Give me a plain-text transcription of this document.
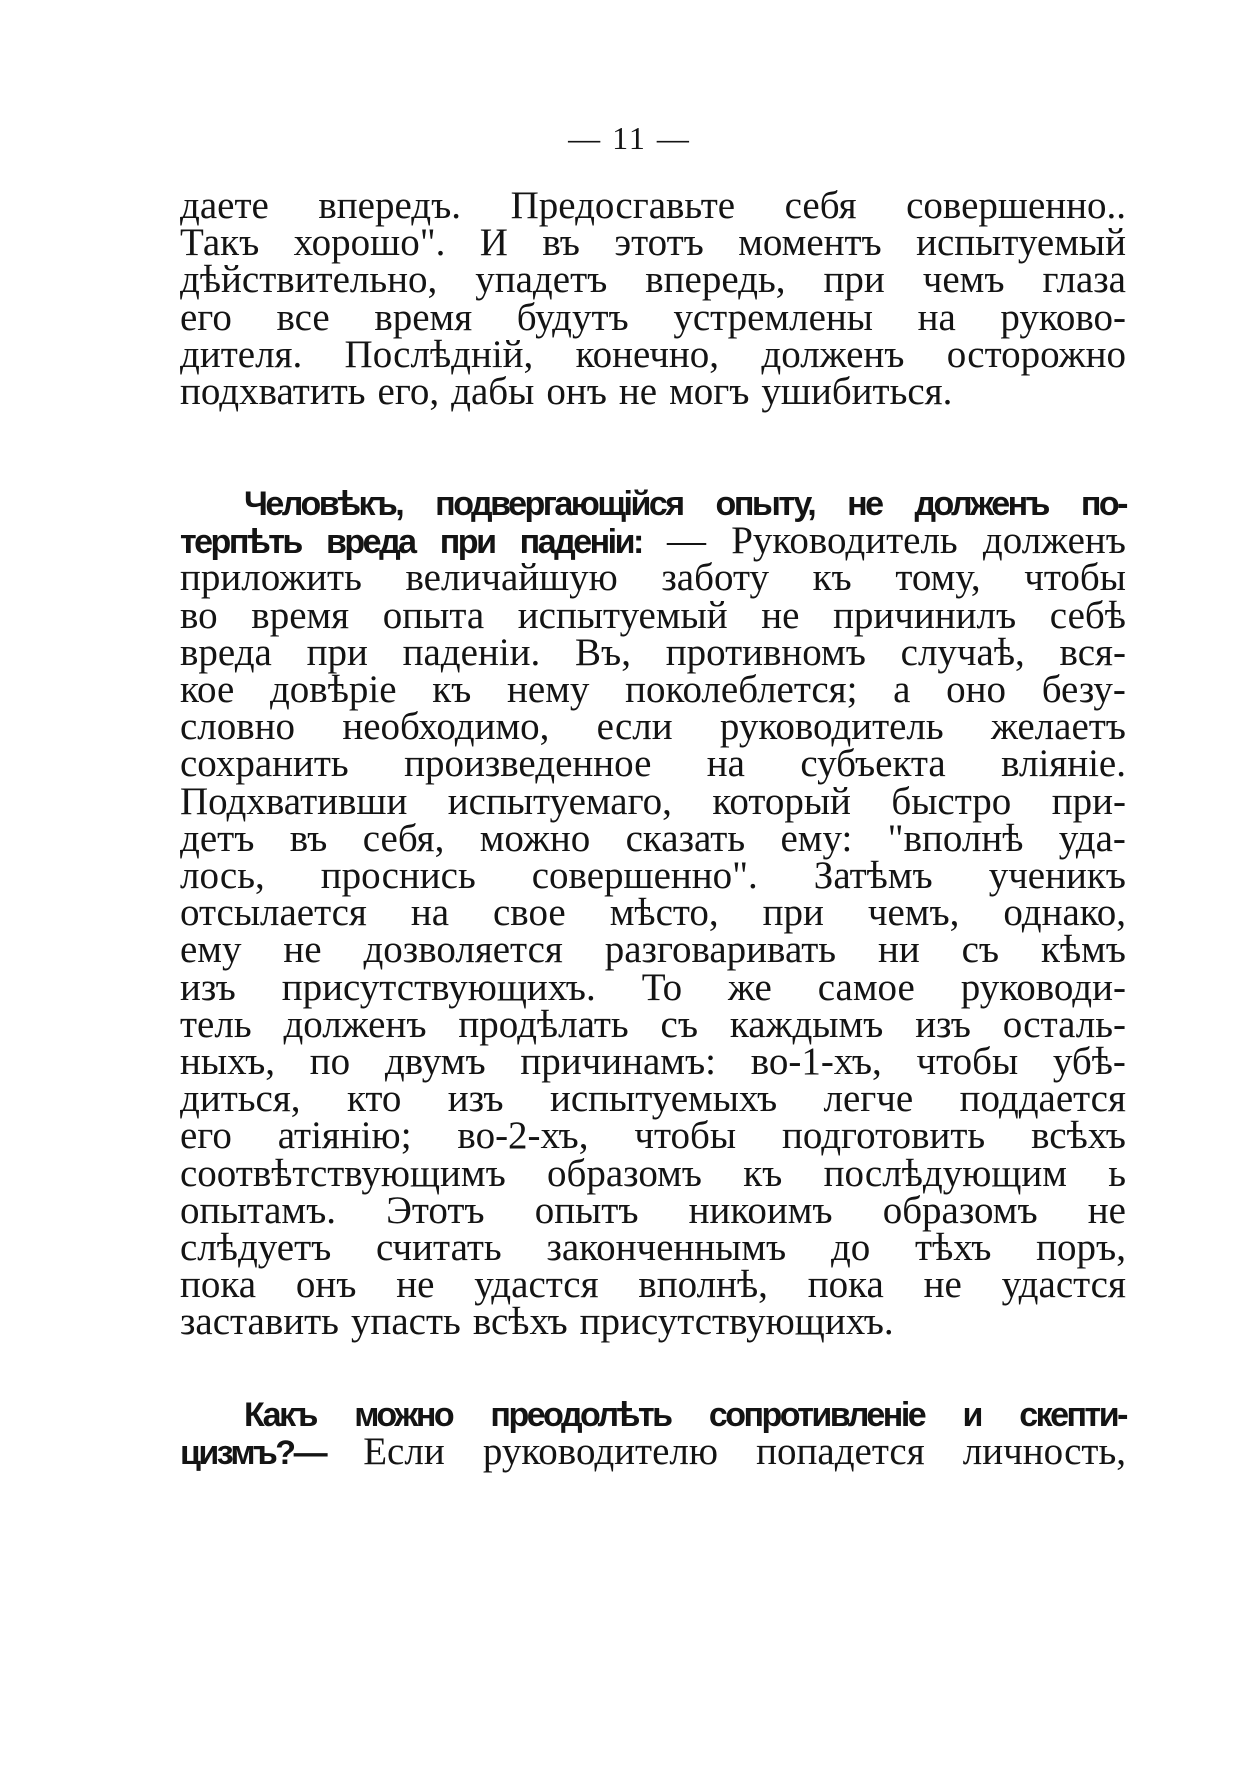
— 11 —
даете впередъ. Предосгавьте себя совершенно..
Такъ хорошо". И въ этотъ моментъ испытуемый
дѣйствительно, упадетъ впередь, при чемъ глаза
его все время будутъ устремлены на руково-
дителя. Послѣднiй, конечно, долженъ осторожно
подхватить его, дабы онъ не могъ ушибиться.
Человѣкъ, подвергающiйся опыту, не долженъ по-
терпѣть вреда при паденiи: — Руководитель долженъ
приложить величайшую заботу къ тому, чтобы
во время опыта испытуемый не причинилъ себѣ
вреда при паденiи. Въ, противномъ случаѣ, вся-
кое довѣрiе къ нему поколеблется; а оно безу-
словно необходимо, если руководитель желаетъ
сохранить произведенное на субъекта влiянiе.
Подхвативши испытуемаго, который быстро при-
детъ въ себя, можно сказать ему: "вполнѣ уда-
лось, проснись совершенно". Затѣмъ ученикъ
отсылается на свое мѣсто, при чемъ, однако,
ему не дозволяется разговаривать ни съ кѣмъ
изъ присутствующихъ. То же самое руководи-
тель долженъ продѣлать съ каждымъ изъ осталь-
ныхъ, по двумъ причинамъ: во-1-хъ, чтобы убѣ-
диться, кто изъ испытуемыхъ легче поддается
его атiянiю; во-2-хъ, чтобы подготовить всѣхъ
соотвѣтствующимъ образомъ къ послѣдующим ь
опытамъ. Этотъ опытъ никоимъ образомъ не
слѣдуетъ считать законченнымъ до тѣхъ поръ,
пока онъ не удастся вполнѣ, пока не удастся
заставить упасть всѣхъ присутствующихъ.
Какъ можно преодолѣть сопротивленiе и скепти-
цизмъ?— Если руководителю попадется личность,
